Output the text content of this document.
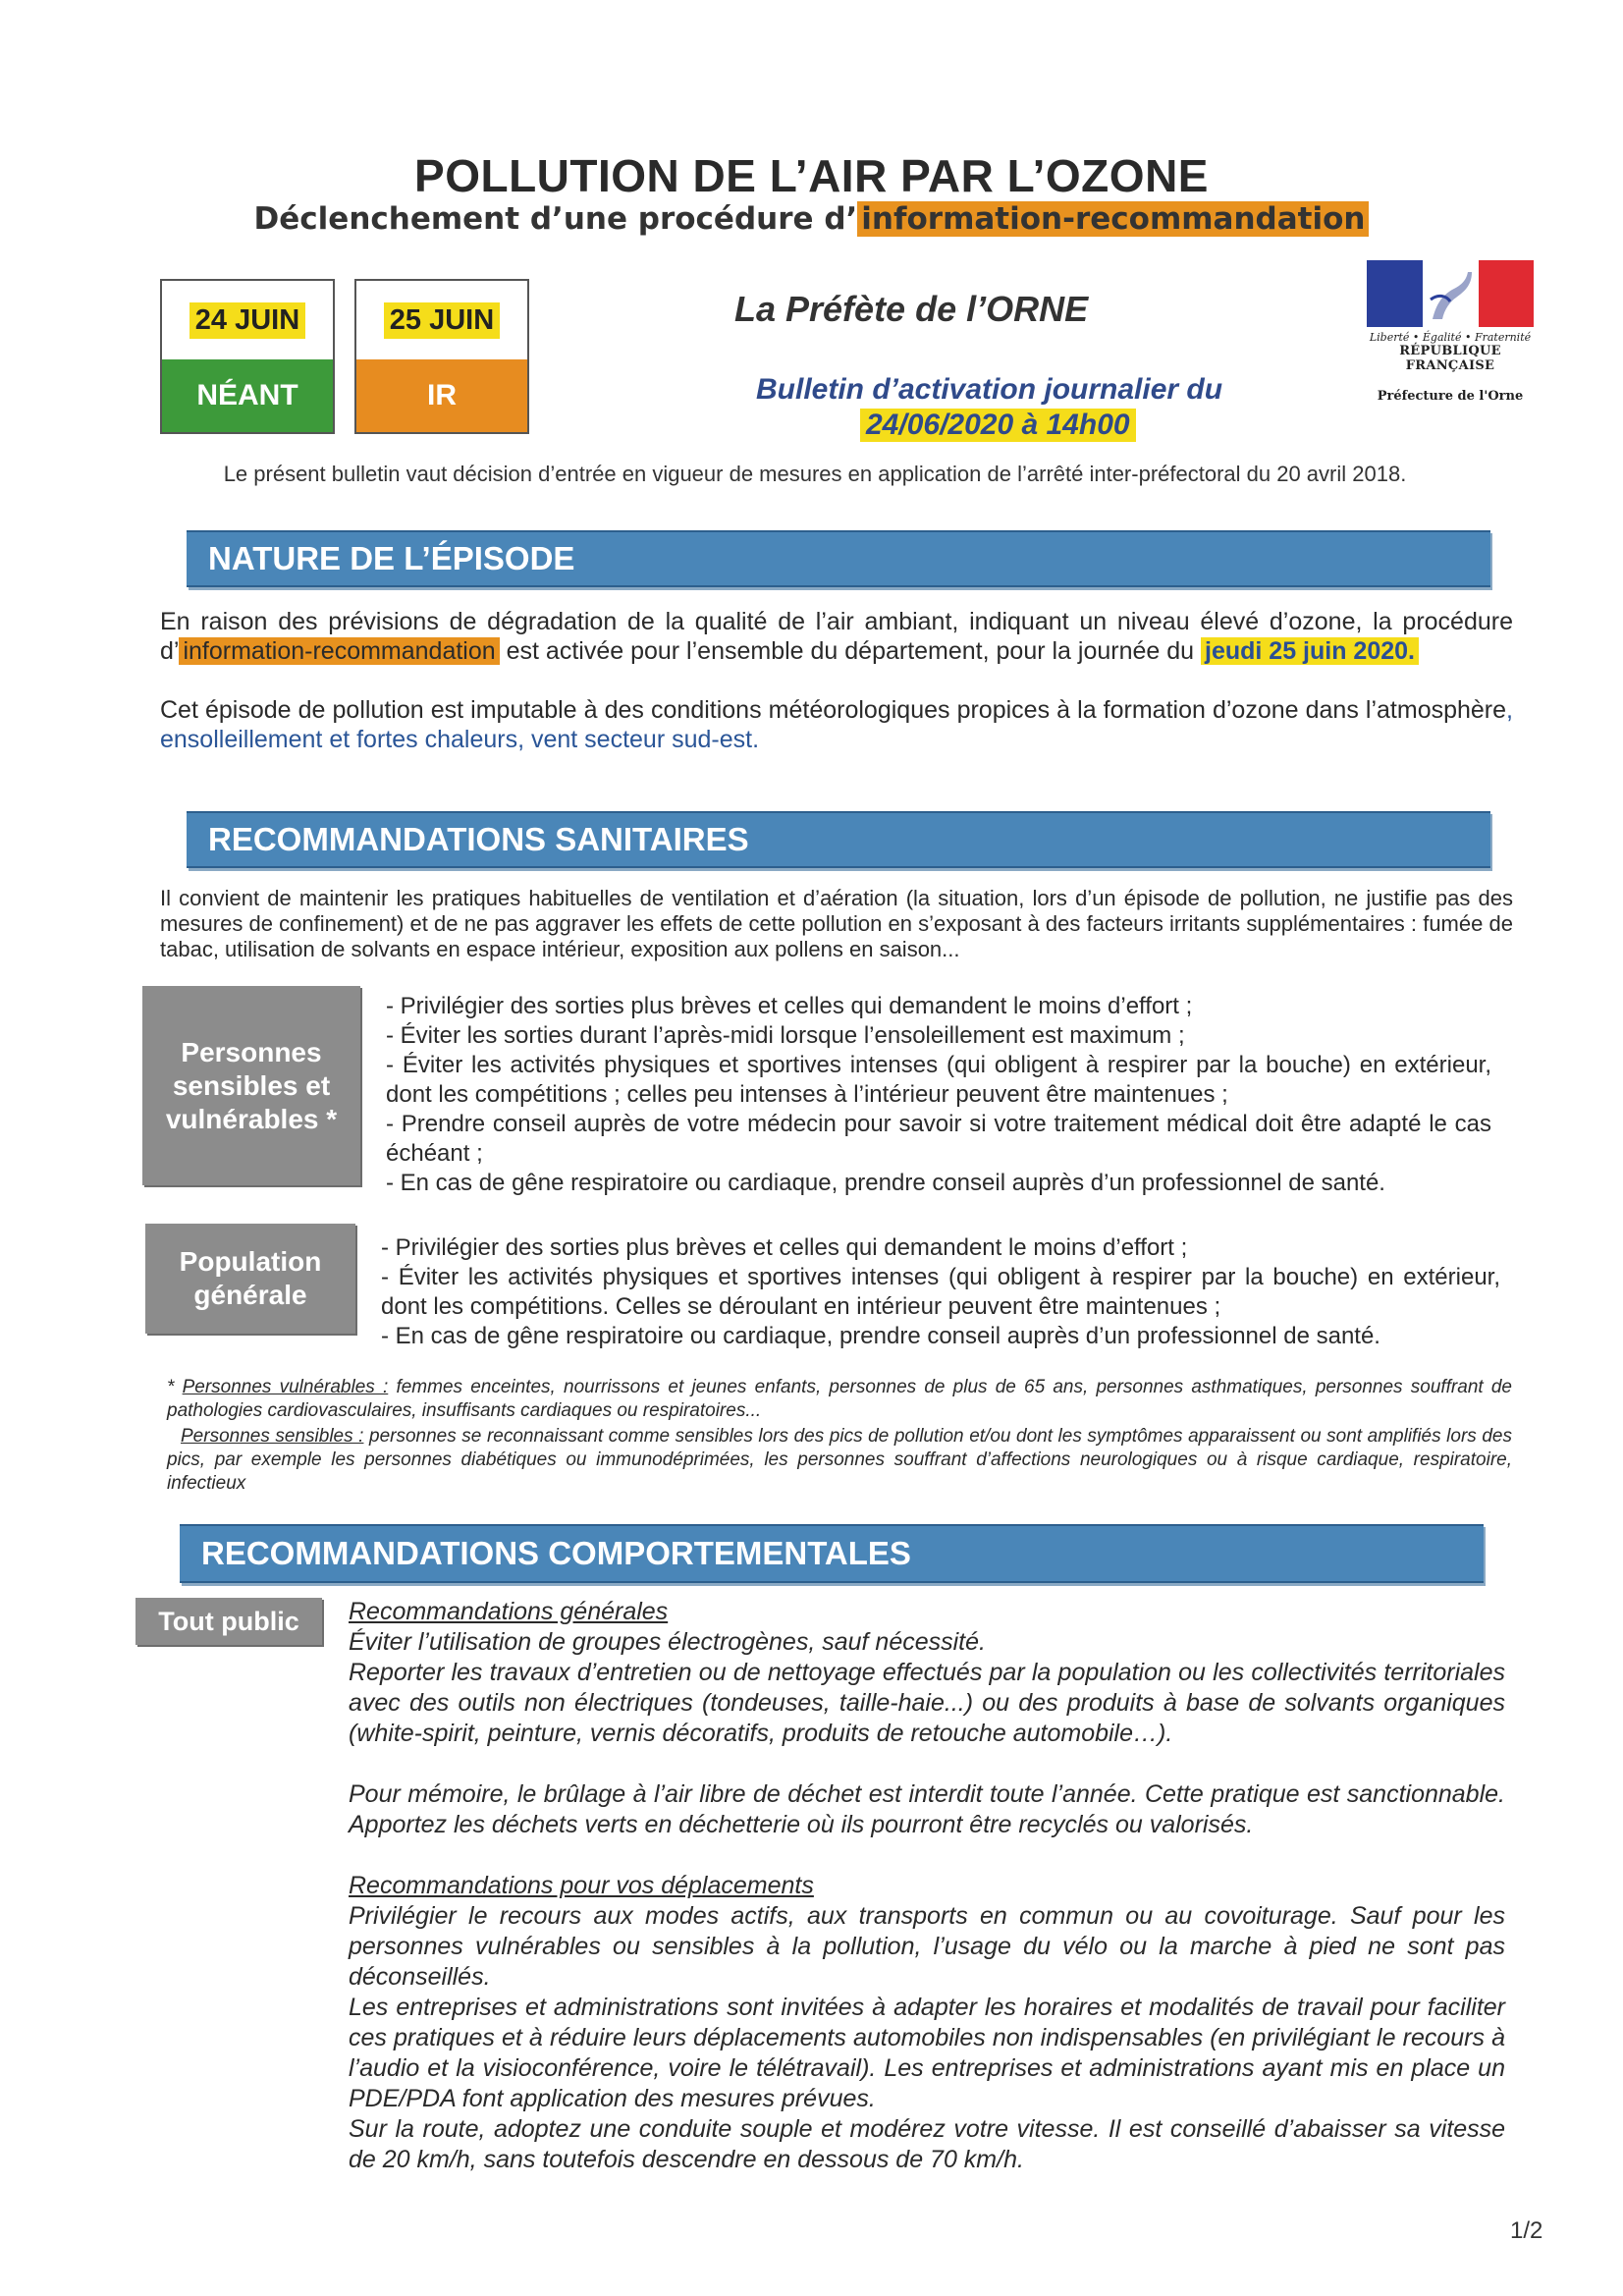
POLLUTION DE L’AIR PAR L’OZONE
Déclenchement d’une procédure d’ information-recommandation
24 JUIN
NÉANT
25 JUIN
IR
La Préfète de l’ORNE
Bulletin d’activation journalier du
24/06/2020 à 14h00
Liberté • Égalité • Fraternité
RÉPUBLIQUE FRANÇAISE
Préfecture de l'Orne
Le présent bulletin vaut décision d’entrée en vigueur de mesures en application de l’arrêté inter-préfectoral du 20 avril 2018.
NATURE DE L’ÉPISODE
En raison des prévisions de dégradation de la qualité de l’air ambiant, indiquant un niveau élevé d’ozone, la procédure d’ information-recommandation est activée pour l’ensemble du département, pour la journée du jeudi 25 juin 2020.
Cet épisode de pollution est imputable à des conditions météorologiques propices à la formation d’ozone dans l’atmosphère, ensolleillement et fortes chaleurs, vent secteur sud-est.
RECOMMANDATIONS SANITAIRES
Il convient de maintenir les pratiques habituelles de ventilation et d’aération (la situation, lors d’un épisode de pollution, ne justifie pas des mesures de confinement) et de ne pas aggraver les effets de cette pollution en s’exposant à des facteurs irritants supplémentaires : fumée de tabac, utilisation de solvants en espace intérieur, exposition aux pollens en saison...
Personnes sensibles et vulnérables *

- Privilégier des sorties plus brèves et celles qui demandent le moins d’effort ;

- Éviter les sorties durant l’après-midi lorsque l’ensoleillement est maximum ;

- Éviter les activités physiques et sportives intenses (qui obligent à respirer par la bouche) en extérieur, dont les compétitions ; celles peu intenses à l’intérieur peuvent être maintenues ;

- Prendre conseil auprès de votre médecin pour savoir si votre traitement médical doit être adapté le cas échéant ;

- En cas de gêne respiratoire ou cardiaque, prendre conseil auprès d’un professionnel de santé.

Population générale

- Privilégier des sorties plus brèves et celles qui demandent le moins d’effort ;

- Éviter les activités physiques et sportives intenses (qui obligent à respirer par la bouche) en extérieur, dont les compétitions. Celles se déroulant en intérieur peuvent être maintenues ;

- En cas de gêne respiratoire ou cardiaque, prendre conseil auprès d’un professionnel de santé.

* Personnes vulnérables : femmes enceintes, nourrissons et jeunes enfants, personnes de plus de 65 ans, personnes asthmatiques, personnes souffrant de pathologies cardiovasculaires, insuffisants cardiaques ou respiratoires...
Personnes sensibles : personnes se reconnaissant comme sensibles lors des pics de pollution et/ou dont les symptômes apparaissent ou sont amplifiés lors des pics, par exemple les personnes diabétiques ou immunodéprimées, les personnes souffrant d’affections neurologiques ou à risque cardiaque, respiratoire, infectieux
RECOMMANDATIONS COMPORTEMENTALES
Tout public	Recommandations générales

Éviter l’utilisation de groupes électrogènes, sauf nécessité.

Reporter les travaux d’entretien ou de nettoyage effectués par la population ou les collectivités territoriales avec des outils non électriques (tondeuses, taille-haie...) ou des produits à base de solvants organiques (white-spirit, peinture, vernis décoratifs, produits de retouche automobile…).

Pour mémoire, le brûlage à l’air libre de déchet est interdit toute l’année. Cette pratique est sanctionnable. Apportez les déchets verts en déchetterie où ils pourront être recyclés ou valorisés.

Recommandations pour vos déplacements

Privilégier le recours aux modes actifs, aux transports en commun ou au covoiturage. Sauf pour les personnes vulnérables ou sensibles à la pollution, l’usage du vélo ou la marche à pied ne sont pas déconseillés.

Les entreprises et administrations sont invitées à adapter les horaires et modalités de travail pour faciliter ces pratiques et à réduire leurs déplacements automobiles non indispensables (en privilégiant le recours à l’audio et la visioconférence, voire le télétravail). Les entreprises et administrations ayant mis en place un PDE/PDA font application des mesures prévues.

Sur la route, adoptez une conduite souple et modérez votre vitesse. Il est conseillé d’abaisser sa vitesse de 20 km/h, sans toutefois descendre en dessous de 70 km/h.

1/2
